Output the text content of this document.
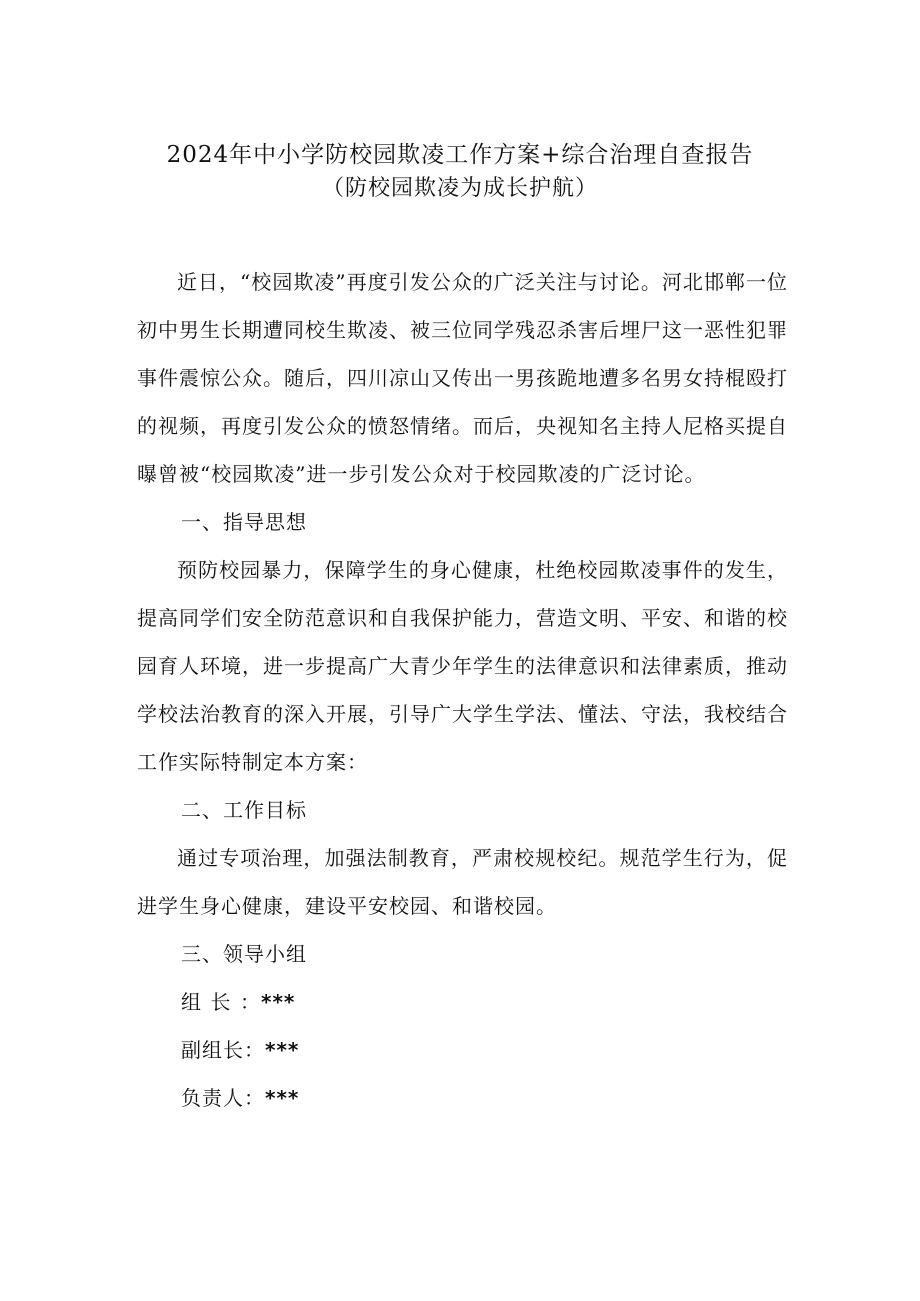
2024年中小学防校园欺凌工作方案+综合治理自查报告
（防校园欺凌为成长护航）

近日，“校园欺凌”再度引发公众的广泛关注与讨论。河北邯郸一位初中男生长期遭同校生欺凌、被三位同学残忍杀害后埋尸这一恶性犯罪事件震惊公众。随后，四川凉山又传出一男孩跪地遭多名男女持棍殴打的视频，再度引发公众的愤怒情绪。而后，央视知名主持人尼格买提自曝曾被“校园欺凌”进一步引发公众对于校园欺凌的广泛讨论。

一、指导思想

预防校园暴力，保障学生的身心健康，杜绝校园欺凌事件的发生，提高同学们安全防范意识和自我保护能力，营造文明、平安、和谐的校园育人环境，进一步提高广大青少年学生的法律意识和法律素质，推动学校法治教育的深入开展，引导广大学生学法、懂法、守法，我校结合工作实际特制定本方案：

二、工作目标

通过专项治理，加强法制教育，严肃校规校纪。规范学生行为，促进学生身心健康，建设平安校园、和谐校园。

三、领导小组

组长：***

副组长：***

负责人：***
